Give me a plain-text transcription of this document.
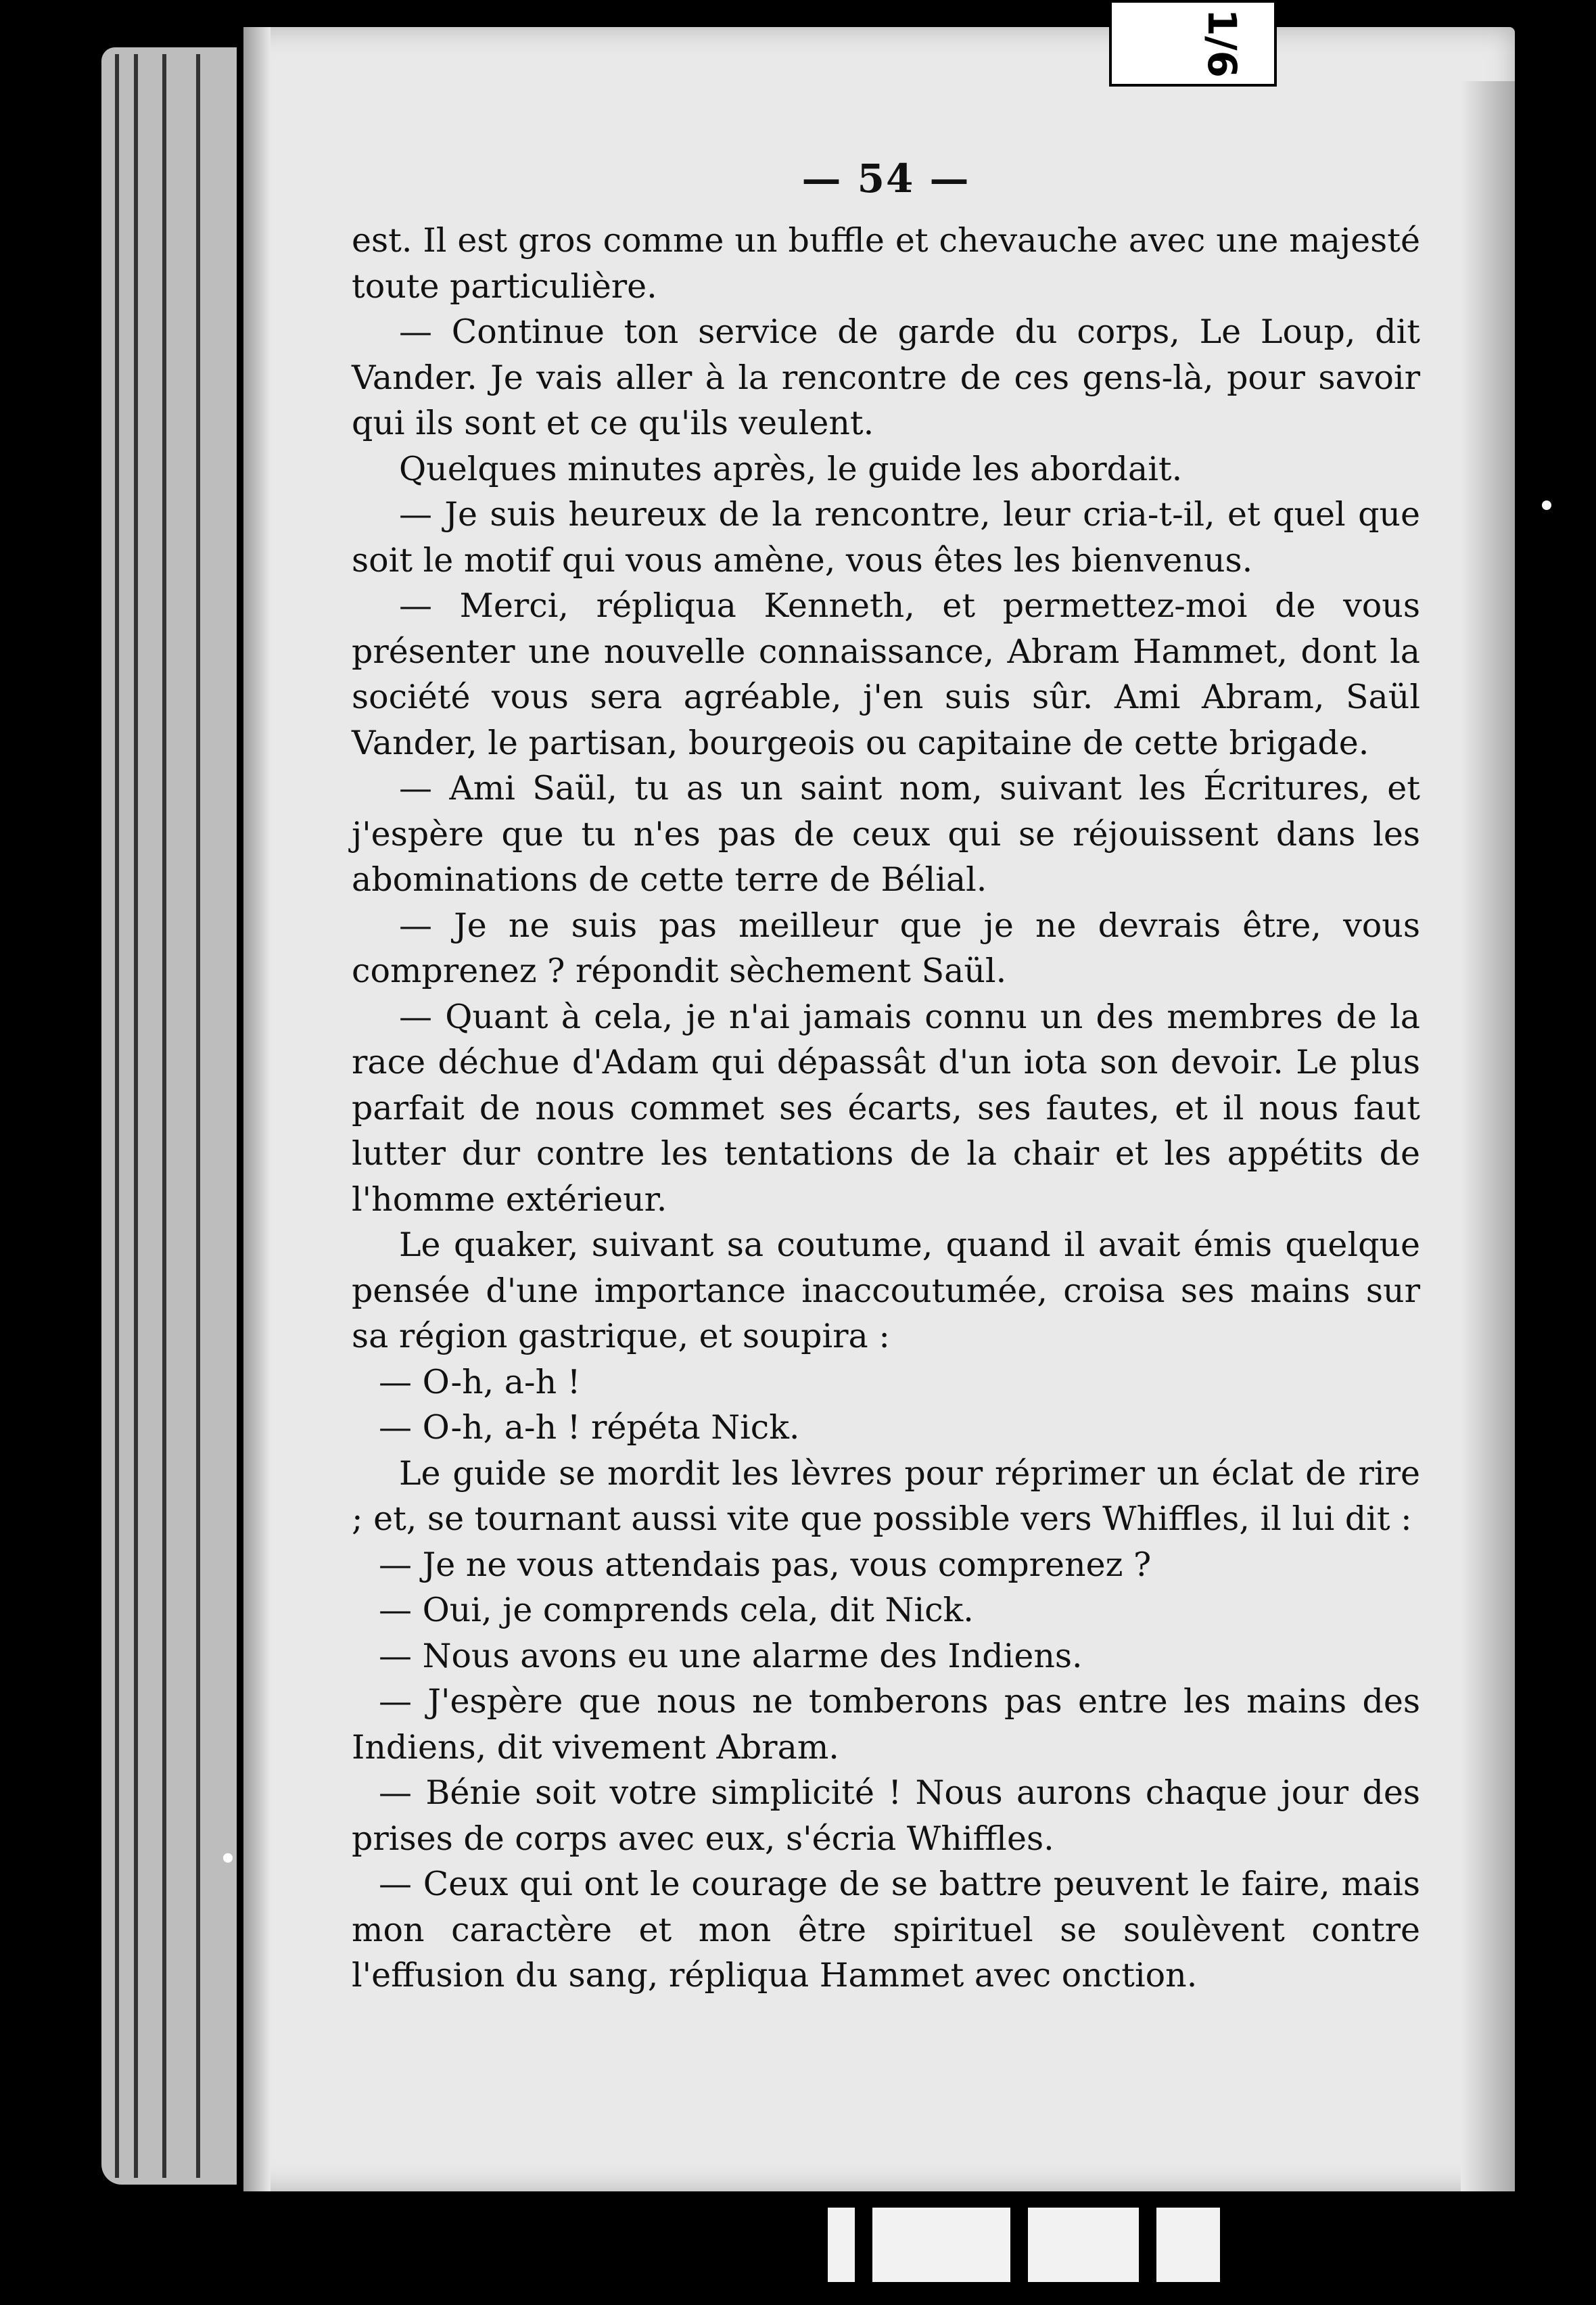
1/6
— 54 —

est. Il est gros comme un buffle et chevauche avec une majesté toute particulière.

— Continue ton service de garde du corps, Le Loup, dit Vander. Je vais aller à la rencontre de ces gens-là, pour savoir qui ils sont et ce qu'ils veulent.

Quelques minutes après, le guide les abordait.

— Je suis heureux de la rencontre, leur cria-t-il, et quel que soit le motif qui vous amène, vous êtes les bienvenus.

— Merci, répliqua Kenneth, et permettez-moi de vous présenter une nouvelle connaissance, Abram Hammet, dont la société vous sera agréable, j'en suis sûr. Ami Abram, Saül Vander, le partisan, bourgeois ou capitaine de cette brigade.

— Ami Saül, tu as un saint nom, suivant les Écritures, et j'espère que tu n'es pas de ceux qui se réjouissent dans les abominations de cette terre de Bélial.

— Je ne suis pas meilleur que je ne devrais être, vous comprenez ? répondit sèchement Saül.

— Quant à cela, je n'ai jamais connu un des membres de la race déchue d'Adam qui dépassât d'un iota son devoir. Le plus parfait de nous commet ses écarts, ses fautes, et il nous faut lutter dur contre les tentations de la chair et les appétits de l'homme extérieur.

Le quaker, suivant sa coutume, quand il avait émis quelque pensée d'une importance inaccoutumée, croisa ses mains sur sa région gastrique, et soupira :

— O-h, a-h !

— O-h, a-h ! répéta Nick.

Le guide se mordit les lèvres pour réprimer un éclat de rire ; et, se tournant aussi vite que possible vers Whiffles, il lui dit :

— Je ne vous attendais pas, vous comprenez ?

— Oui, je comprends cela, dit Nick.

— Nous avons eu une alarme des Indiens.

— J'espère que nous ne tomberons pas entre les mains des Indiens, dit vivement Abram.

— Bénie soit votre simplicité ! Nous aurons chaque jour des prises de corps avec eux, s'écria Whiffles.

— Ceux qui ont le courage de se battre peuvent le faire, mais mon caractère et mon être spirituel se soulèvent contre l'effusion du sang, répliqua Hammet avec onction.
